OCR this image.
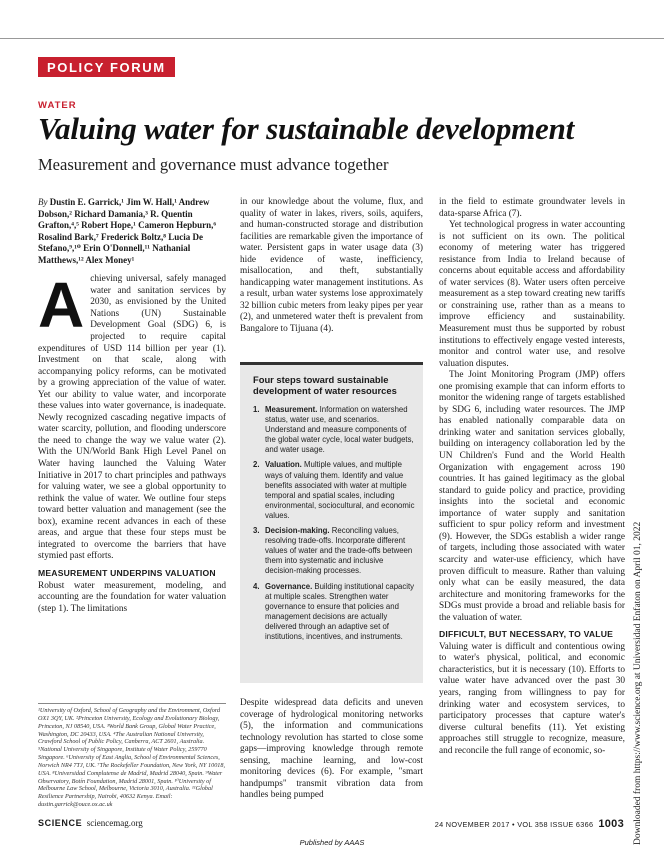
POLICY FORUM
WATER
Valuing water for sustainable development
Measurement and governance must advance together
By Dustin E. Garrick,¹ Jim W. Hall,¹ Andrew Dobson,² Richard Damania,³ R. Quentin Grafton,⁴,⁵ Robert Hope,¹ Cameron Hepburn,⁶ Rosalind Bark,⁷ Frederick Boltz,⁸ Lucia De Stefano,⁹,¹⁰ Erin O'Donnell,¹¹ Nathanial Matthews,¹² Alex Money¹

Achieving universal, safely managed water and sanitation services by 2030, as envisioned by the United Nations (UN) Sustainable Development Goal (SDG) 6, is projected to require capital expenditures of USD 114 billion per year (1). Investment on that scale, along with accompanying policy reforms, can be motivated by a growing appreciation of the value of water. Yet our ability to value water, and incorporate these values into water governance, is inadequate. Newly recognized cascading negative impacts of water scarcity, pollution, and flooding underscore the need to change the way we value water (2). With the UN/World Bank High Level Panel on Water having launched the Valuing Water Initiative in 2017 to chart principles and pathways for valuing water, we see a global opportunity to rethink the value of water. We outline four steps toward better valuation and management (see the box), examine recent advances in each of these areas, and argue that these four steps must be integrated to overcome the barriers that have stymied past efforts.

MEASUREMENT UNDERPINS VALUATION

Robust water measurement, modeling, and accounting are the foundation for water valuation (step 1). The limitations

¹University of Oxford, School of Geography and the Environment, Oxford OX1 3QY, UK. ²Princeton University, Ecology and Evolutionary Biology, Princeton, NJ 08540, USA. ³World Bank Group, Global Water Practice, Washington, DC 20433, USA. ⁴The Australian National University, Crawford School of Public Policy, Canberra, ACT 2601, Australia. ⁵National University of Singapore, Institute of Water Policy, 259770 Singapore. ⁶University of East Anglia, School of Environmental Sciences, Norwich NR4 7TJ, UK. ⁷The Rockefeller Foundation, New York, NY 10018, USA. ⁸Universidad Complutense de Madrid, Madrid 28040, Spain. ⁹Water Observatory, Botín Foundation, Madrid 28001, Spain. ¹⁰University of Melbourne Law School, Melbourne, Victoria 3010, Australia. ¹¹Global Resilience Partnership, Nairobi, 40632 Kenya. Email: dustin.garrick@ouce.ox.ac.uk
in our knowledge about the volume, flux, and quality of water in lakes, rivers, soils, aquifers, and human-constructed storage and distribution facilities are remarkable given the importance of water. Persistent gaps in water usage data (3) hide evidence of waste, inefficiency, misallocation, and theft, substantially handicapping water management institutions. As a result, urban water systems lose approximately 32 billion cubic meters from leaky pipes per year (2), and unmetered water theft is prevalent from Bangalore to Tijuana (4).
Four steps toward sustainable development of water resources
1. Measurement. Information on watershed status, water use, and scenarios. Understand and measure components of the global water cycle, local water budgets, and water usage.
2. Valuation. Multiple values, and multiple ways of valuing them. Identify and value benefits associated with water at multiple temporal and spatial scales, including environmental, sociocultural, and economic values.
3. Decision-making. Reconciling values, resolving trade-offs. Incorporate different values of water and the trade-offs between them into systematic and inclusive decision-making processes.
4. Governance. Building institutional capacity at multiple scales. Strengthen water governance to ensure that policies and management decisions are actually delivered through an adaptive set of institutions, incentives, and instruments.
Despite widespread data deficits and uneven coverage of hydrological monitoring networks (5), the information and communications technology revolution has started to close some gaps—improving knowledge through remote sensing, machine learning, and low-cost monitoring devices (6). For example, "smart handpumps" transmit vibration data from handles being pumped

in the field to estimate groundwater levels in data-sparse Africa (7).

Yet technological progress in water accounting is not sufficient on its own. The political economy of metering water has triggered resistance from India to Ireland because of concerns about equitable access and affordability of water services (8). Water users often perceive measurement as a step toward creating new tariffs or constraining use, rather than as a means to improve efficiency and sustainability. Measurement must thus be supported by robust institutions to effectively engage vested interests, monitor and control water use, and resolve valuation disputes.

The Joint Monitoring Program (JMP) offers one promising example that can inform efforts to monitor the widening range of targets established by SDG 6, including water resources. The JMP has enabled nationally comparable data on drinking water and sanitation services globally, building on interagency collaboration led by the UN Children's Fund and the World Health Organization with engagement across 190 countries. It has gained legitimacy as the global standard to guide policy and practice, providing insights into the societal and economic importance of water supply and sanitation sufficient to spur policy reform and investment (9). However, the SDGs establish a wider range of targets, including those associated with water scarcity and water-use efficiency, which have proven difficult to measure. Rather than valuing only what can be easily measured, the data architecture and monitoring frameworks for the SDGs must provide a broad and reliable basis for the valuation of water.

DIFFICULT, BUT NECESSARY, TO VALUE

Valuing water is difficult and contentious owing to water's physical, political, and economic characteristics, but it is necessary (10). Efforts to value water have advanced over the past 30 years, ranging from willingness to pay for drinking water and ecosystem services, to participatory processes that capture water's diverse cultural benefits (11). Yet existing approaches still struggle to recognize, measure, and reconcile the full range of economic, so-	Downloaded from https://www.science.org at Universidad Enfaton on April 01, 2022
SCIENCE sciencemag.org	24 NOVEMBER 2017 • VOL 358 ISSUE 6366 1003
Published by AAAS
